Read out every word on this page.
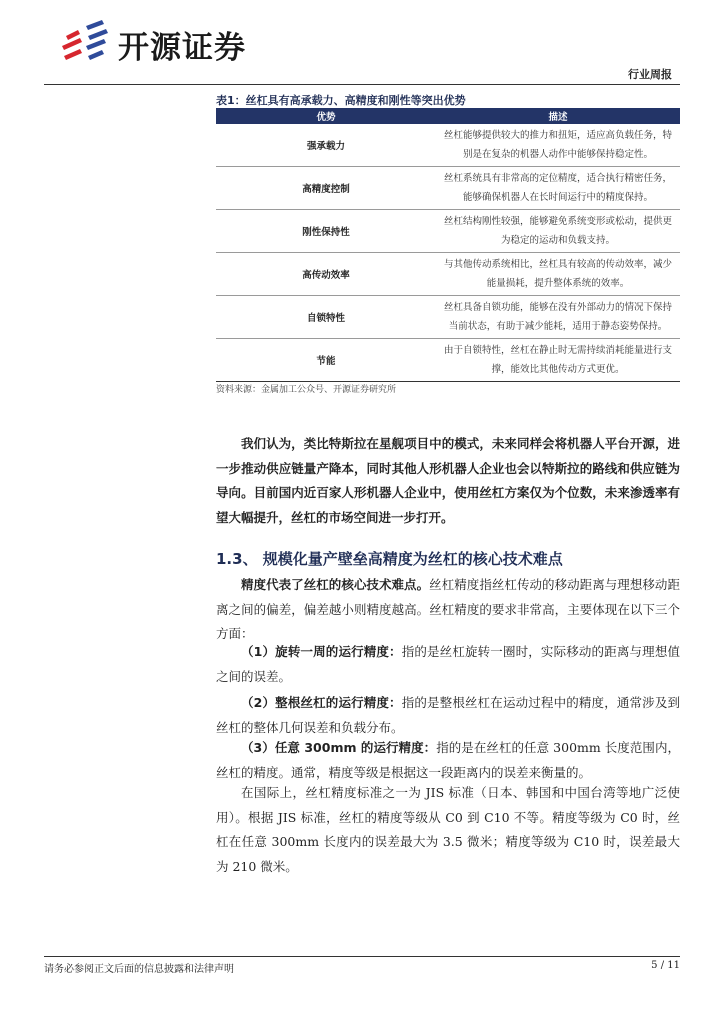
开源证券
行业周报
表1：丝杠具有高承载力、高精度和刚性等突出优势
优势	描述
强承载力	丝杠能够提供较大的推力和扭矩，适应高负载任务，特别是在复杂的机器人动作中能够保持稳定性。
高精度控制	丝杠系统具有非常高的定位精度，适合执行精密任务，能够确保机器人在长时间运行中的精度保持。
刚性保持性	丝杠结构刚性较强，能够避免系统变形或松动，提供更为稳定的运动和负载支持。
高传动效率	与其他传动系统相比，丝杠具有较高的传动效率，减少能量损耗，提升整体系统的效率。
自锁特性	丝杠具备自锁功能，能够在没有外部动力的情况下保持当前状态，有助于减少能耗，适用于静态姿势保持。
节能	由于自锁特性，丝杠在静止时无需持续消耗能量进行支撑，能效比其他传动方式更优。
资料来源：金属加工公众号、开源证券研究所

我们认为，类比特斯拉在星舰项目中的模式，未来同样会将机器人平台开源，进一步推动供应链量产降本，同时其他人形机器人企业也会以特斯拉的路线和供应链为导向。目前国内近百家人形机器人企业中，使用丝杠方案仅为个位数，未来渗透率有望大幅提升，丝杠的市场空间进一步打开。

1.3、 规模化量产壁垒高精度为丝杠的核心技术难点

精度代表了丝杠的核心技术难点。丝杠精度指丝杠传动的移动距离与理想移动距离之间的偏差，偏差越小则精度越高。丝杠精度的要求非常高，主要体现在以下三个方面：

（1）旋转一周的运行精度：指的是丝杠旋转一圈时，实际移动的距离与理想值之间的误差。

（2）整根丝杠的运行精度：指的是整根丝杠在运动过程中的精度，通常涉及到丝杠的整体几何误差和负载分布。

（3）任意 300mm 的运行精度：指的是在丝杠的任意 300mm 长度范围内，丝杠的精度。通常，精度等级是根据这一段距离内的误差来衡量的。

在国际上，丝杠精度标准之一为 JIS 标准（日本、韩国和中国台湾等地广泛使用）。根据 JIS 标准，丝杠的精度等级从 C0 到 C10 不等。精度等级为 C0 时，丝杠在任意 300mm 长度内的误差最大为 3.5 微米；精度等级为 C10 时，误差最大为 210 微米。

请务必参阅正文后面的信息披露和法律声明	5 / 11
